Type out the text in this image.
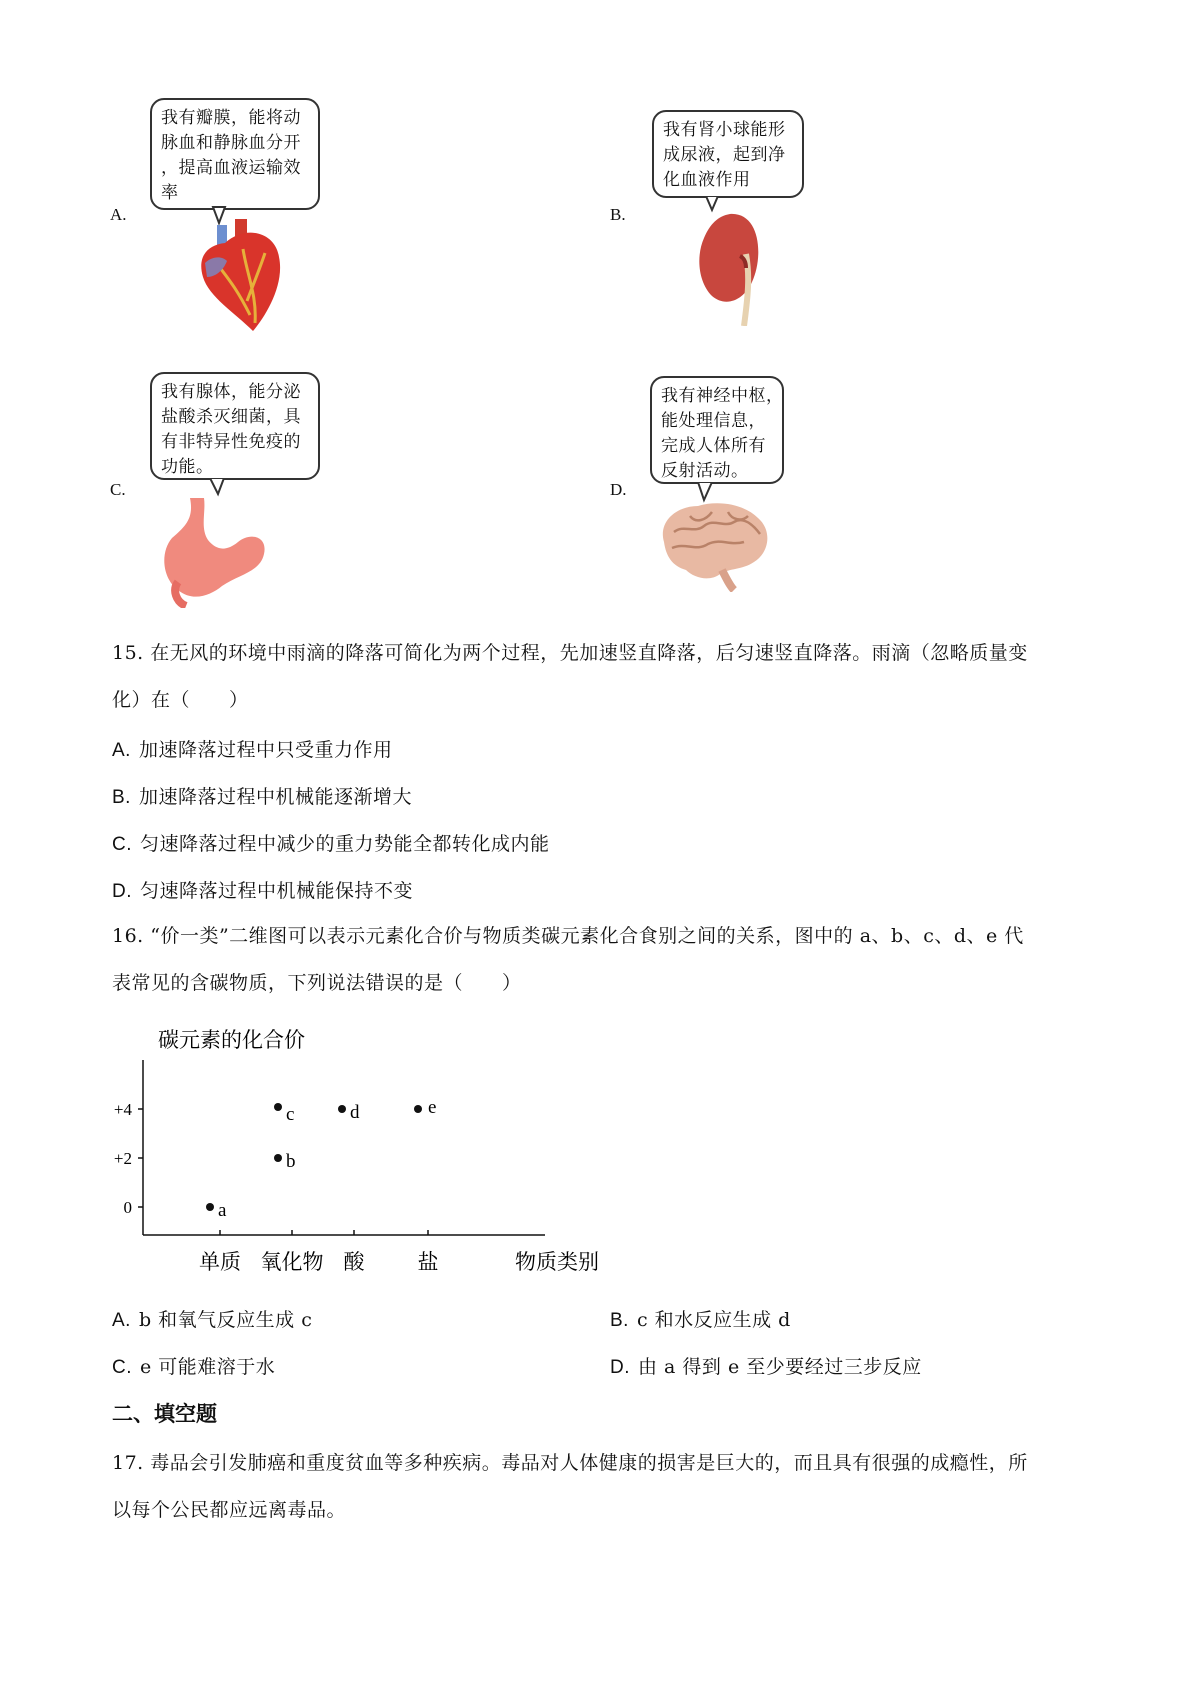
A.
我有瓣膜，能将动
脉血和静脉血分开
，提高血液运输效
率
B.
我有肾小球能形
成尿液，起到净
化血液作用
C.
我有腺体，能分泌
盐酸杀灭细菌，具
有非特异性免疫的
功能。
D.
我有神经中枢，
能处理信息，
完成人体所有
反射活动。
15. 在无风的环境中雨滴的降落可简化为两个过程，先加速竖直降落，后匀速竖直降落。雨滴（忽略质量变
化）在（　　）
A. 加速降落过程中只受重力作用
B. 加速降落过程中机械能逐渐增大
C. 匀速降落过程中减少的重力势能全都转化成内能
D. 匀速降落过程中机械能保持不变
16. “价一类”二维图可以表示元素化合价与物质类碳元素化合食别之间的关系，图中的 a、b、c、d、e 代
表常见的含碳物质，下列说法错误的是（　　）
碳元素的化合价
物质类别
+4
+2
0
单质 氧化物 酸	盐
a
b
c	d	e
A. b 和氧气反应生成 c	B. c 和水反应生成 d
C. e 可能难溶于水	D. 由 a 得到 e 至少要经过三步反应
二、填空题
17. 毒品会引发肺癌和重度贫血等多种疾病。毒品对人体健康的损害是巨大的，而且具有很强的成瘾性，所
以每个公民都应远离毒品。
